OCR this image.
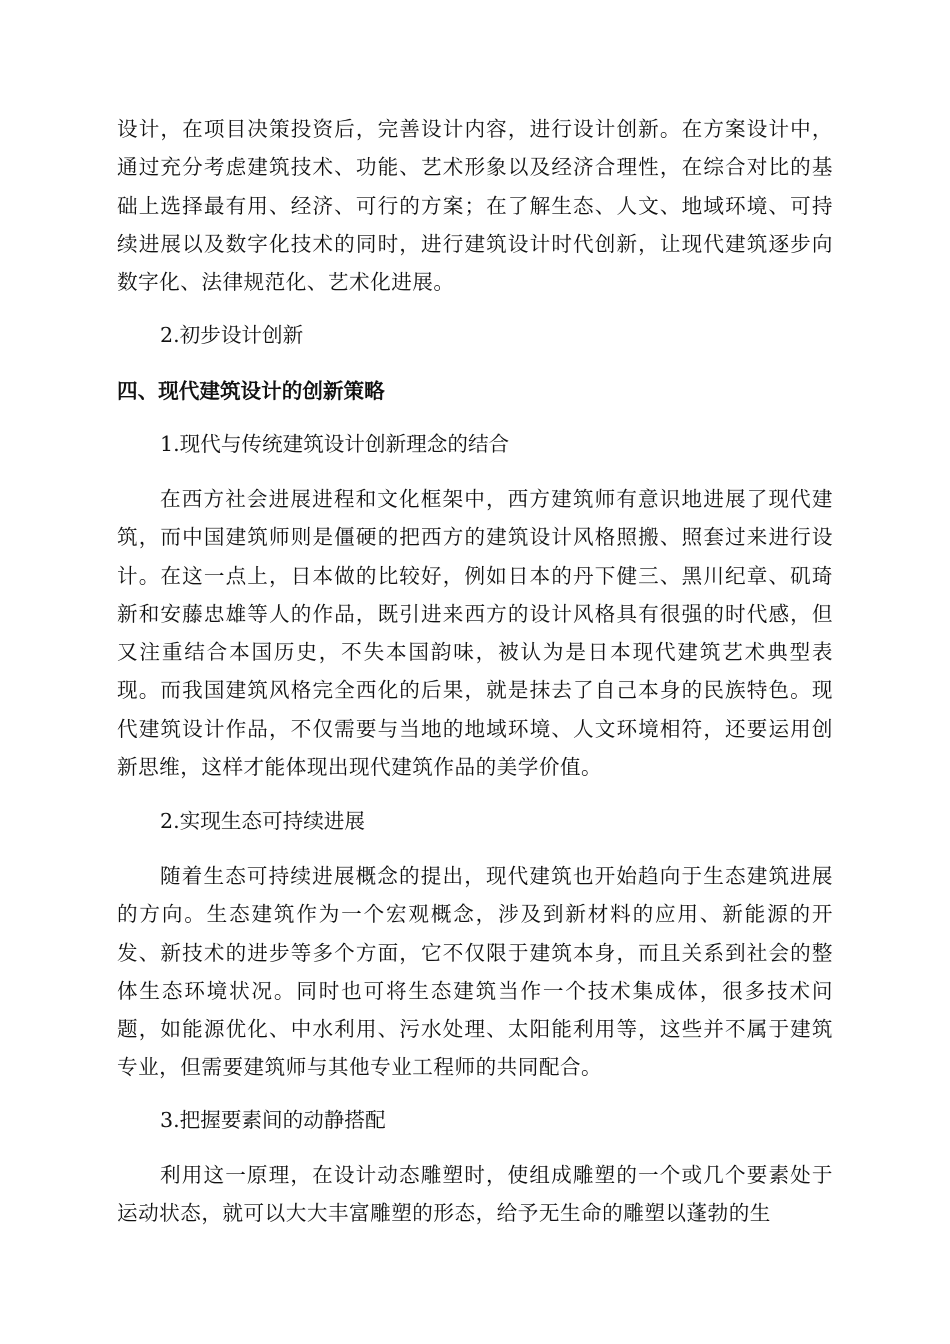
设计，在项目决策投资后，完善设计内容，进行设计创新。在方案设计中，通过充分考虑建筑技术、功能、艺术形象以及经济合理性，在综合对比的基础上选择最有用、经济、可行的方案；在了解生态、人文、地域环境、可持续进展以及数字化技术的同时，进行建筑设计时代创新，让现代建筑逐步向数字化、法律规范化、艺术化进展。

2.初步设计创新

四、现代建筑设计的创新策略

1.现代与传统建筑设计创新理念的结合

在西方社会进展进程和文化框架中，西方建筑师有意识地进展了现代建筑，而中国建筑师则是僵硬的把西方的建筑设计风格照搬、照套过来进行设计。在这一点上，日本做的比较好，例如日本的丹下健三、黑川纪章、矶琦新和安藤忠雄等人的作品，既引进来西方的设计风格具有很强的时代感，但又注重结合本国历史，不失本国韵味，被认为是日本现代建筑艺术典型表现。而我国建筑风格完全西化的后果，就是抹去了自己本身的民族特色。现代建筑设计作品，不仅需要与当地的地域环境、人文环境相符，还要运用创新思维，这样才能体现出现代建筑作品的美学价值。

2.实现生态可持续进展

随着生态可持续进展概念的提出，现代建筑也开始趋向于生态建筑进展的方向。生态建筑作为一个宏观概念，涉及到新材料的应用、新能源的开发、新技术的进步等多个方面，它不仅限于建筑本身，而且关系到社会的整体生态环境状况。同时也可将生态建筑当作一个技术集成体，很多技术问题，如能源优化、中水利用、污水处理、太阳能利用等，这些并不属于建筑专业，但需要建筑师与其他专业工程师的共同配合。

3.把握要素间的动静搭配

利用这一原理，在设计动态雕塑时，使组成雕塑的一个或几个要素处于运动状态，就可以大大丰富雕塑的形态，给予无生命的雕塑以蓬勃的生
